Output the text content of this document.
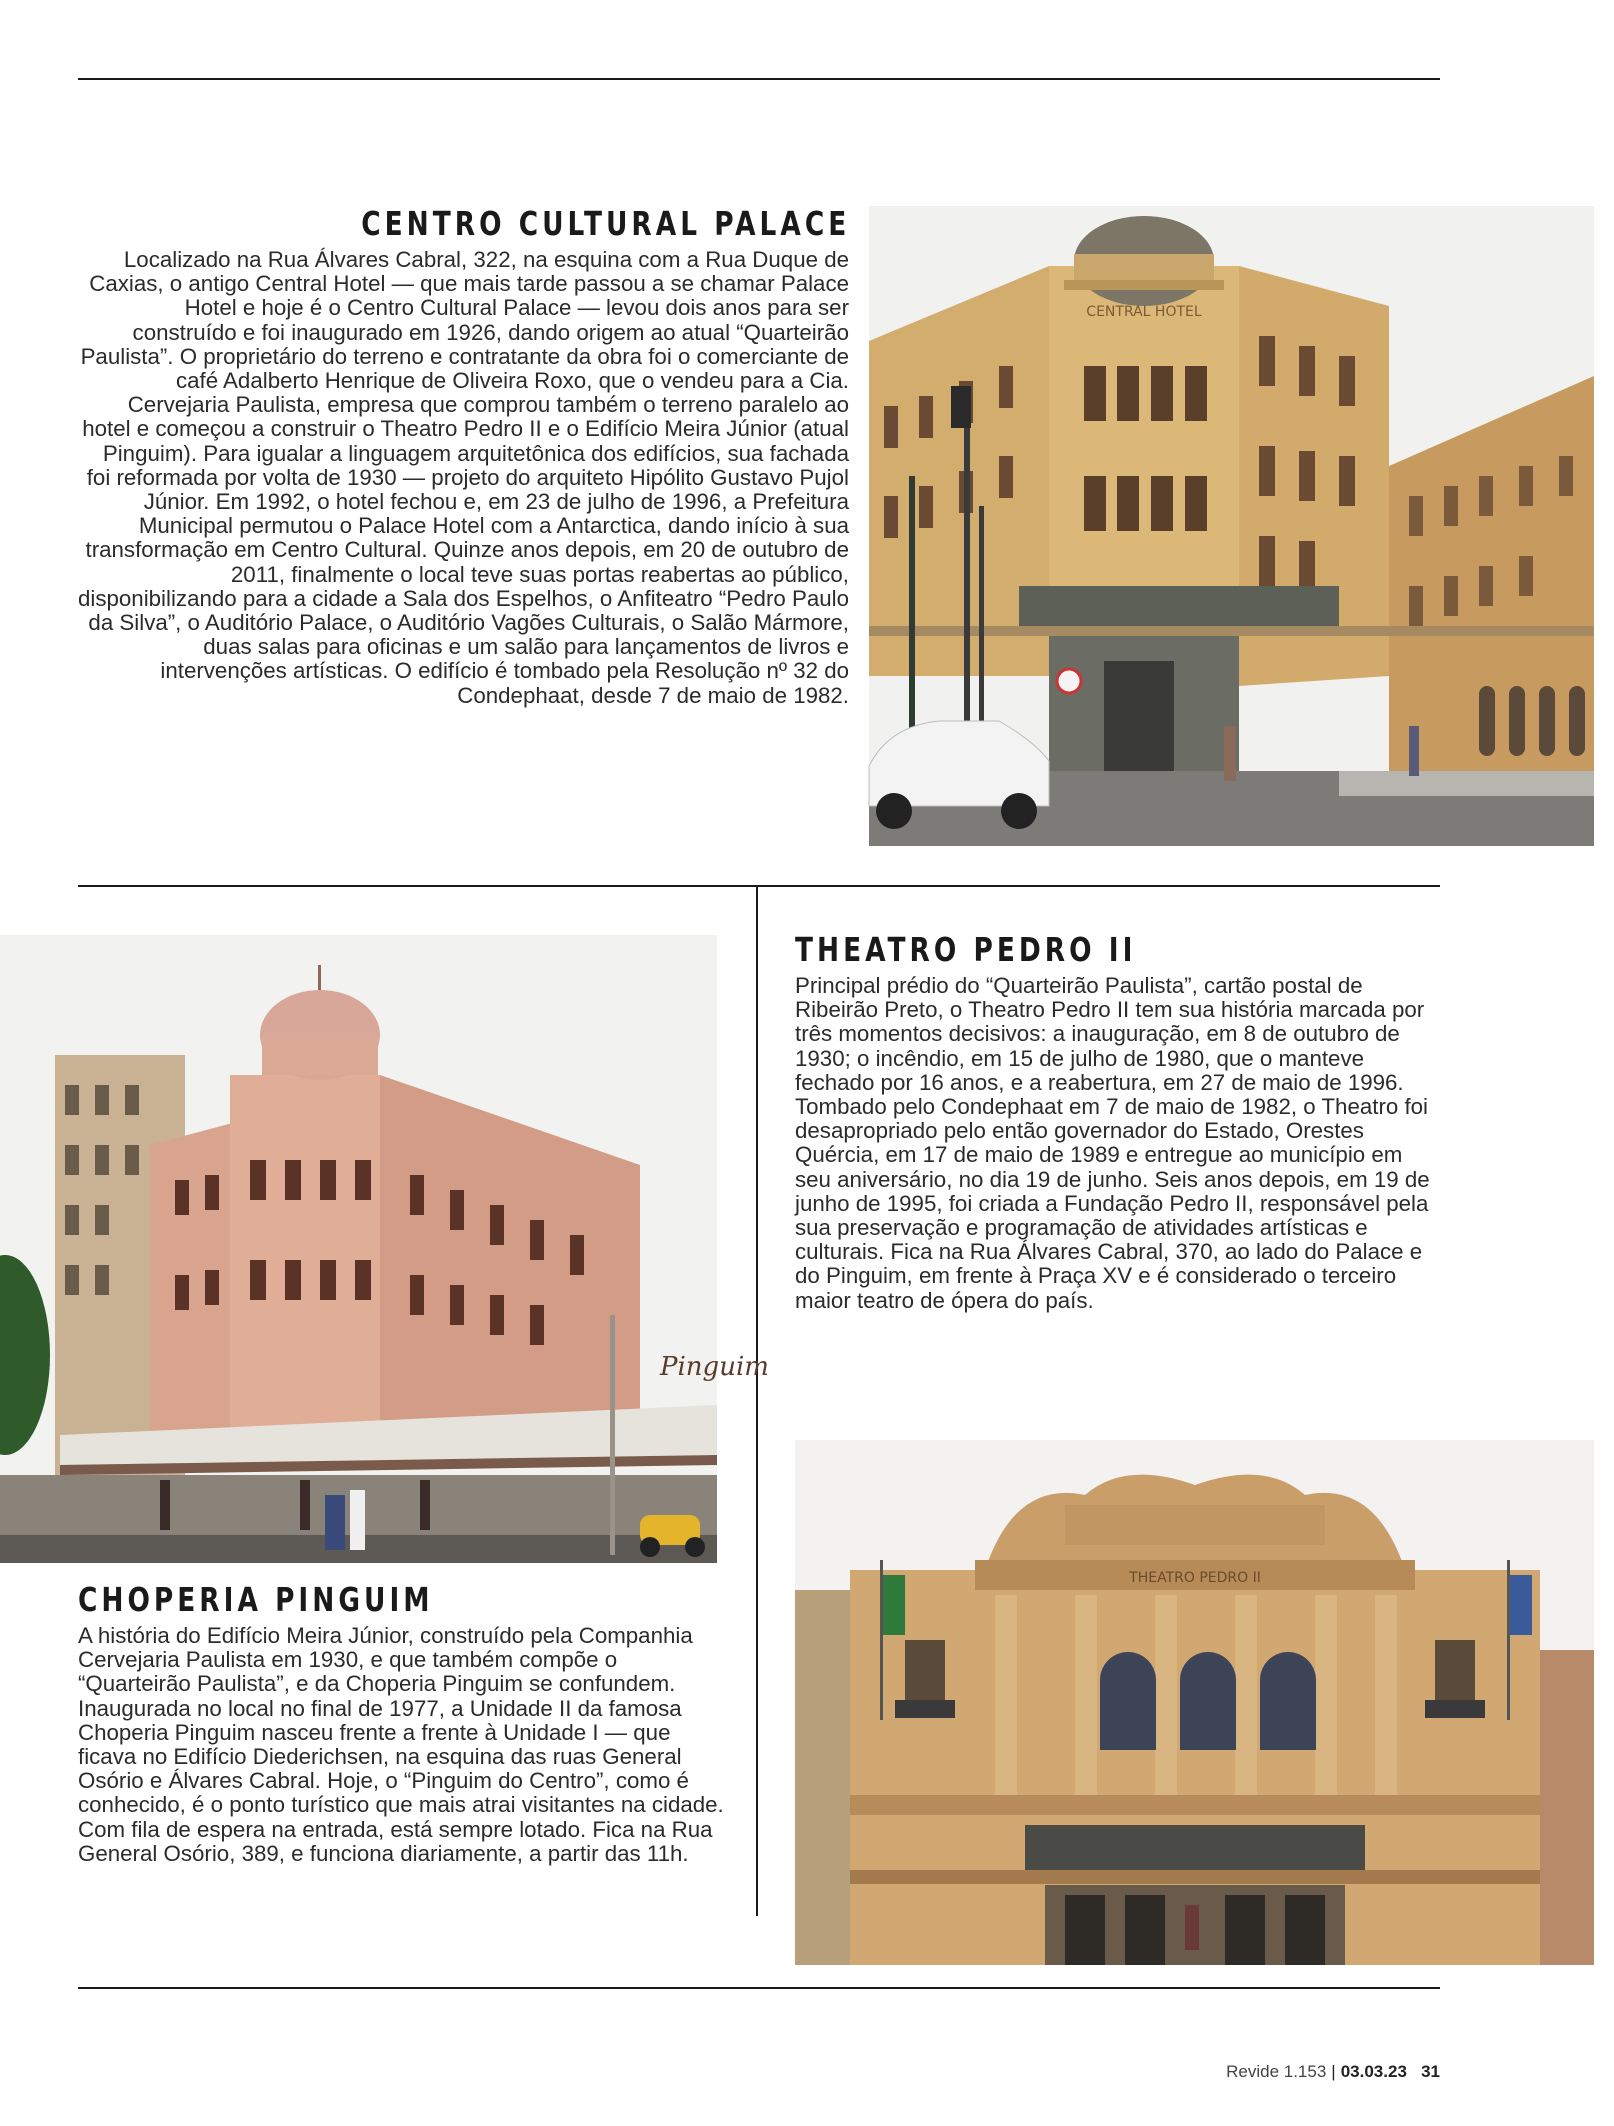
CENTRO CULTURAL PALACE

Localizado na Rua Álvares Cabral, 322, na esquina com a Rua Duque de Caxias, o antigo Central Hotel — que mais tarde passou a se chamar Palace Hotel e hoje é o Centro Cultural Palace — levou dois anos para ser construído e foi inaugurado em 1926, dando origem ao atual “Quarteirão Paulista”. O proprietário do terreno e contratante da obra foi o comerciante de café Adalberto Henrique de Oliveira Roxo, que o vendeu para a Cia. Cervejaria Paulista, empresa que comprou também o terreno paralelo ao hotel e começou a construir o Theatro Pedro II e o Edifício Meira Júnior (atual Pinguim). Para igualar a linguagem arquitetônica dos edifícios, sua fachada foi reformada por volta de 1930 — projeto do arquiteto Hipólito Gustavo Pujol Júnior. Em 1992, o hotel fechou e, em 23 de julho de 1996, a Prefeitura Municipal permutou o Palace Hotel com a Antarctica, dando início à sua transformação em Centro Cultural. Quinze anos depois, em 20 de outubro de 2011, finalmente o local teve suas portas reabertas ao público, disponibilizando para a cidade a Sala dos Espelhos, o Anfiteatro “Pedro Paulo da Silva”, o Auditório Palace, o Auditório Vagões Culturais, o Salão Mármore, duas salas para oficinas e um salão para lançamentos de livros e intervenções artísticas. O edifício é tombado pela Resolução nº 32 do Condephaat, desde 7 de maio de 1982.

CENTRAL HOTEL
Pinguim
CHOPERIA PINGUIM

A história do Edifício Meira Júnior, construído pela Companhia Cervejaria Paulista em 1930, e que também compõe o “Quarteirão Paulista”, e da Choperia Pinguim se confundem. Inaugurada no local no final de 1977, a Unidade II da famosa Choperia Pinguim nasceu frente a frente à Unidade I — que ficava no Edifício Diederichsen, na esquina das ruas General Osório e Álvares Cabral. Hoje, o “Pinguim do Centro”, como é conhecido, é o ponto turístico que mais atrai visitantes na cidade. Com fila de espera na entrada, está sempre lotado. Fica na Rua General Osório, 389, e funciona diariamente, a partir das 11h.

THEATRO PEDRO II

Principal prédio do “Quarteirão Paulista”, cartão postal de Ribeirão Preto, o Theatro Pedro II tem sua história marcada por três momentos decisivos: a inauguração, em 8 de outubro de 1930; o incêndio, em 15 de julho de 1980, que o manteve fechado por 16 anos, e a reabertura, em 27 de maio de 1996. Tombado pelo Condephaat em 7 de maio de 1982, o Theatro foi desapropriado pelo então governador do Estado, Orestes Quércia, em 17 de maio de 1989 e entregue ao município em seu aniversário, no dia 19 de junho. Seis anos depois, em 19 de junho de 1995, foi criada a Fundação Pedro II, responsável pela sua preservação e programação de atividades artísticas e culturais. Fica na Rua Álvares Cabral, 370, ao lado do Palace e do Pinguim, em frente à Praça XV e é considerado o terceiro maior teatro de ópera do país.

THEATRO PEDRO II
Revide 1.153 | 03.03.23 31
